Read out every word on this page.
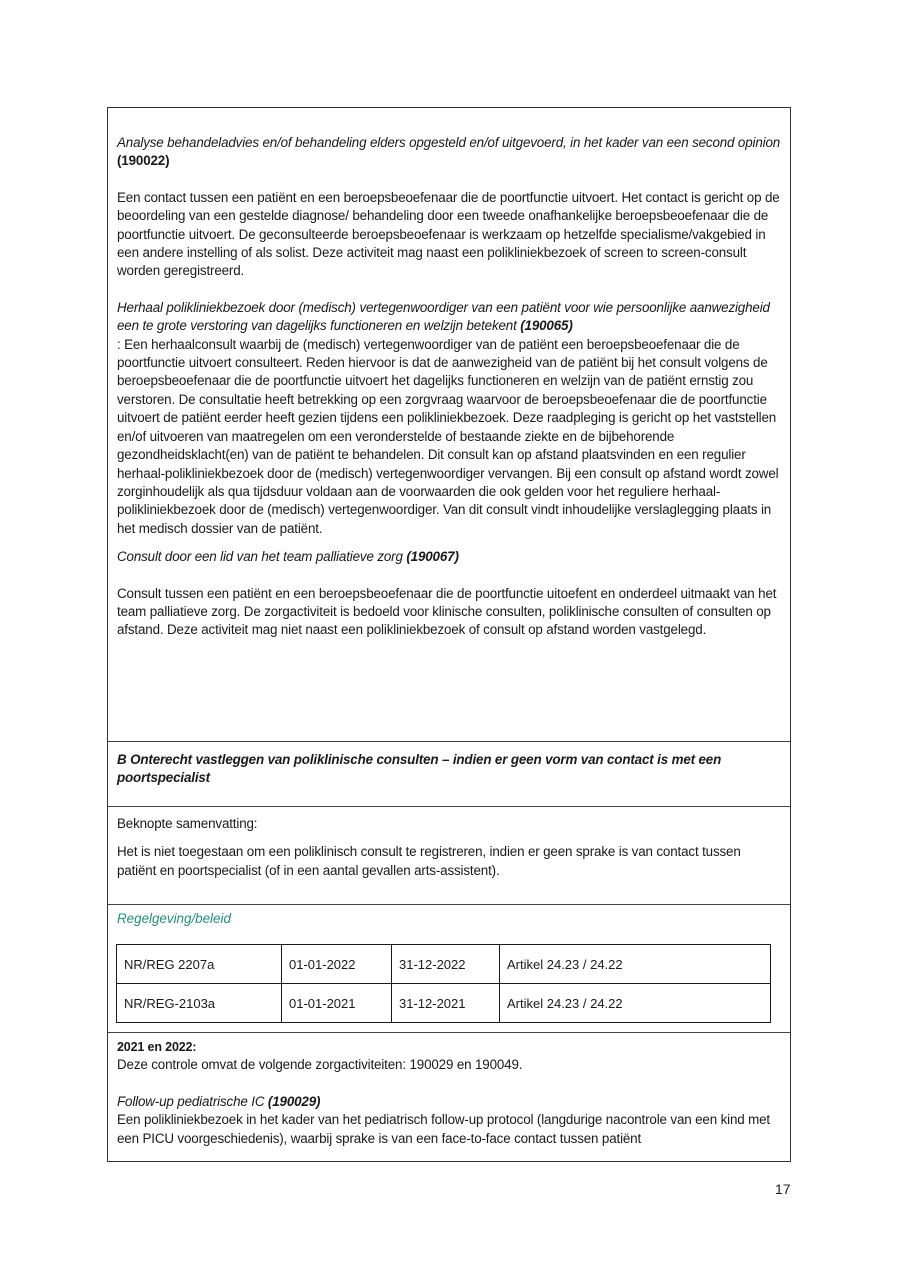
Analyse behandeladvies en/of behandeling elders opgesteld en/of uitgevoerd, in het kader van een second opinion (190022)

Een contact tussen een patiënt en een beroepsbeoefenaar die de poortfunctie uitvoert. Het contact is gericht op de beoordeling van een gestelde diagnose/ behandeling door een tweede onafhankelijke beroepsbeoefenaar die de poortfunctie uitvoert. De geconsulteerde beroepsbeoefenaar is werkzaam op hetzelfde specialisme/vakgebied in een andere instelling of als solist. Deze activiteit mag naast een polikliniekbezoek of screen to screen-consult worden geregistreerd.

Herhaal polikliniekbezoek door (medisch) vertegenwoordiger van een patiënt voor wie persoonlijke aanwezigheid een te grote verstoring van dagelijks functioneren en welzijn betekent (190065)

: Een herhaalconsult waarbij de (medisch) vertegenwoordiger van de patiënt een beroepsbeoefenaar die de poortfunctie uitvoert consulteert. Reden hiervoor is dat de aanwezigheid van de patiënt bij het consult volgens de beroepsbeoefenaar die de poortfunctie uitvoert het dagelijks functioneren en welzijn van de patiënt ernstig zou verstoren. De consultatie heeft betrekking op een zorgvraag waarvoor de beroepsbeoefenaar die de poortfunctie uitvoert de patiënt eerder heeft gezien tijdens een polikliniekbezoek. Deze raadpleging is gericht op het vaststellen en/of uitvoeren van maatregelen om een veronderstelde of bestaande ziekte en de bijbehorende gezondheidsklacht(en) van de patiënt te behandelen. Dit consult kan op afstand plaatsvinden en een regulier herhaal-polikliniekbezoek door de (medisch) vertegenwoordiger vervangen. Bij een consult op afstand wordt zowel zorginhoudelijk als qua tijdsduur voldaan aan de voorwaarden die ook gelden voor het reguliere herhaal-polikliniekbezoek door de (medisch) vertegenwoordiger. Van dit consult vindt inhoudelijke verslaglegging plaats in het medisch dossier van de patiënt.

Consult door een lid van het team palliatieve zorg (190067)

Consult tussen een patiënt en een beroepsbeoefenaar die de poortfunctie uitoefent en onderdeel uitmaakt van het team palliatieve zorg. De zorgactiviteit is bedoeld voor klinische consulten, poliklinische consulten of consulten op afstand. Deze activiteit mag niet naast een polikliniekbezoek of consult op afstand worden vastgelegd.

B Onterecht vastleggen van poliklinische consulten – indien er geen vorm van contact is met een poortspecialist

Beknopte samenvatting:

Het is niet toegestaan om een poliklinisch consult te registreren, indien er geen sprake is van contact tussen patiënt en poortspecialist (of in een aantal gevallen arts-assistent).

Regelgeving/beleid

NR/REG 2207a	01-01-2022	31-12-2022	Artikel 24.23 / 24.22
NR/REG-2103a	01-01-2021	31-12-2021	Artikel 24.23 / 24.22

2021 en 2022:

Deze controle omvat de volgende zorgactiviteiten: 190029 en 190049.

Follow-up pediatrische IC (190029)

Een polikliniekbezoek in het kader van het pediatrisch follow-up protocol (langdurige nacontrole van een kind met een PICU voorgeschiedenis), waarbij sprake is van een face-to-face contact tussen patiënt

17
